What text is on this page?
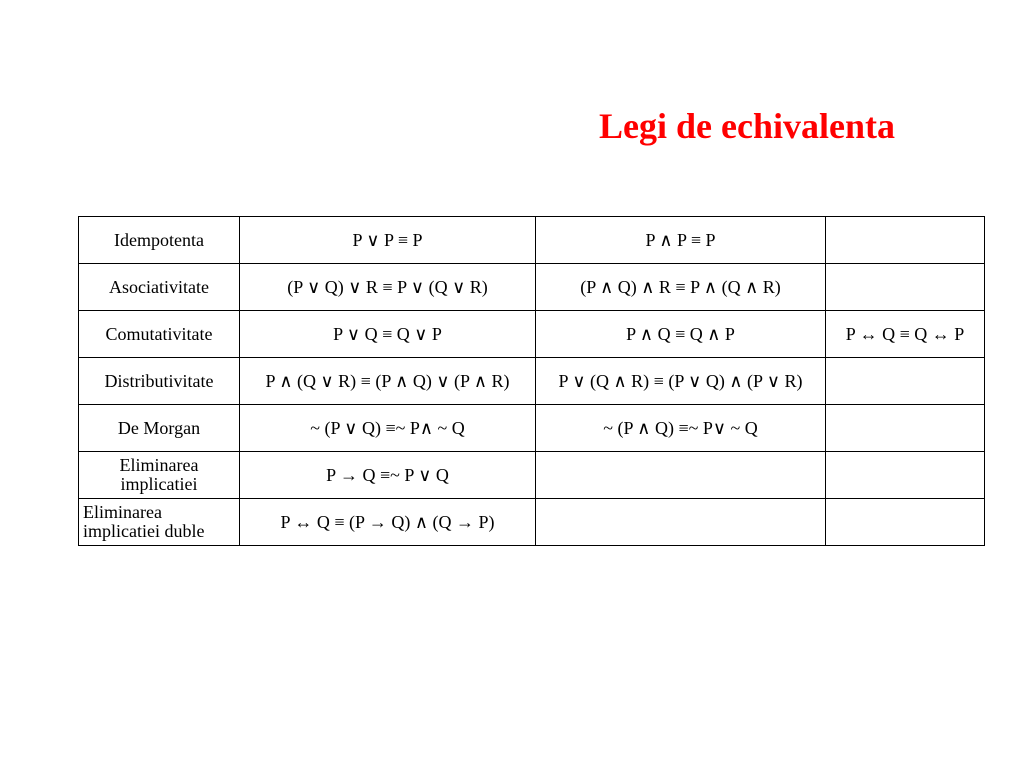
Legi de echivalenta
Idempotenta	P ∨ P ≡ P	P ∧ P ≡ P	
Asociativitate	(P ∨ Q) ∨ R ≡ P ∨ (Q ∨ R)	(P ∧ Q) ∧ R ≡ P ∧ (Q ∧ R)	
Comutativitate	P ∨ Q ≡ Q ∨ P	P ∧ Q ≡ Q ∧ P	P ↔ Q ≡ Q ↔ P
Distributivitate	P ∧ (Q ∨ R) ≡ (P ∧ Q) ∨ (P ∧ R)	P ∨ (Q ∧ R) ≡ (P ∨ Q) ∧ (P ∨ R)	
De Morgan	~ (P ∨ Q) ≡~ P∧ ~ Q	~ (P ∧ Q) ≡~ P∨ ~ Q	
Eliminarea implicatiei	P → Q ≡~ P ∨ Q		
Eliminarea implicatiei duble	P ↔ Q ≡ (P → Q) ∧ (Q → P)		
